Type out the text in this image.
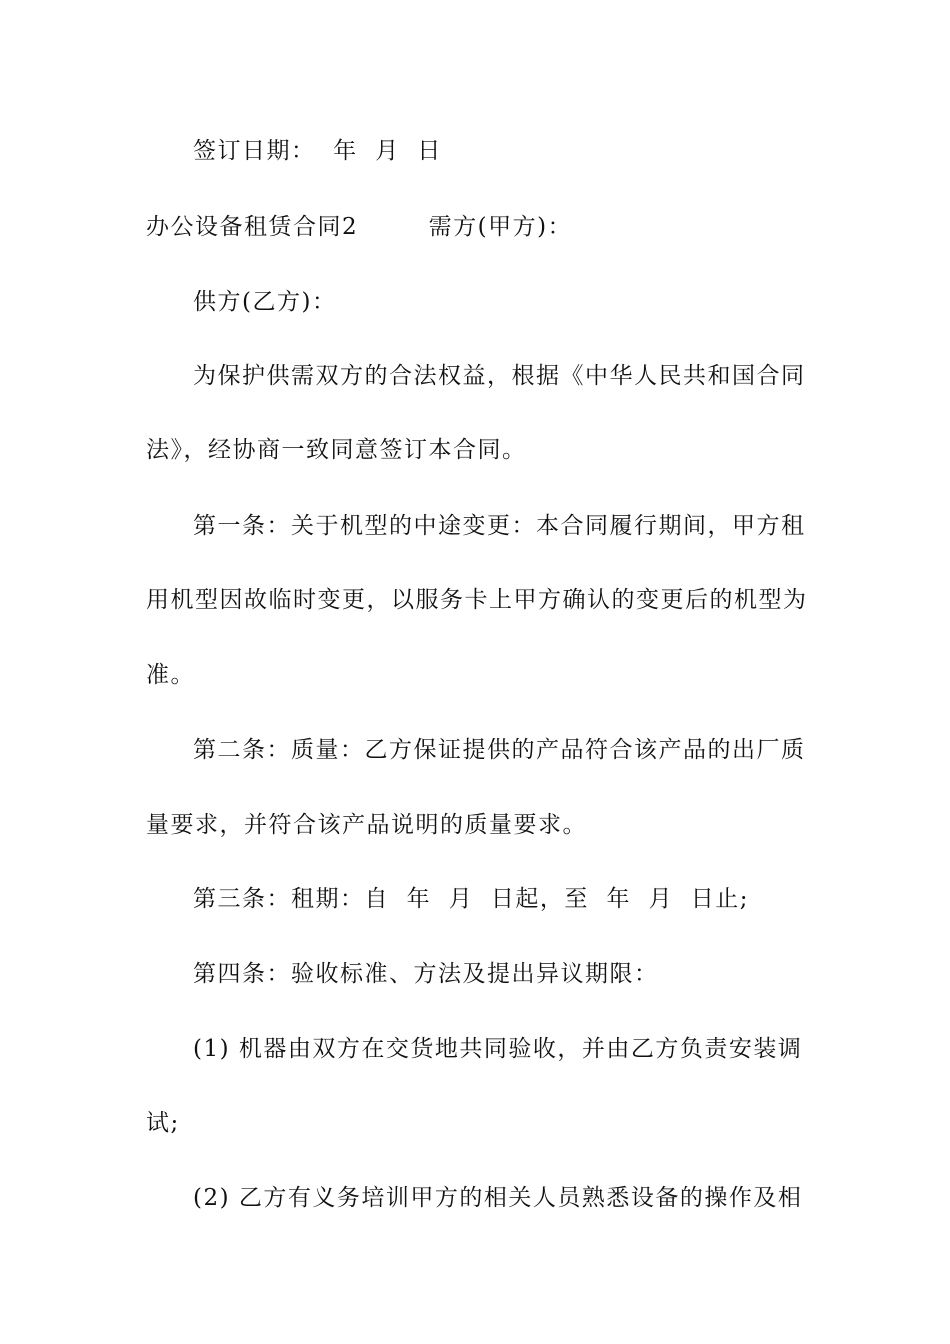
签订日期：  年  月  日
办公设备租赁合同2        需方(甲方)：
供方(乙方)：
为保护供需双方的合法权益，根据《中华人民共和国合同
法》，经协商一致同意签订本合同。
第一条：关于机型的中途变更：本合同履行期间，甲方租
用机型因故临时变更，以服务卡上甲方确认的变更后的机型为
准。
第二条：质量：乙方保证提供的产品符合该产品的出厂质
量要求，并符合该产品说明的质量要求。
第三条：租期：自  年  月  日起，至  年  月  日止;
第四条：验收标准、方法及提出异议期限：
(1) 机器由双方在交货地共同验收，并由乙方负责安装调
试;
(2) 乙方有义务培训甲方的相关人员熟悉设备的操作及相
